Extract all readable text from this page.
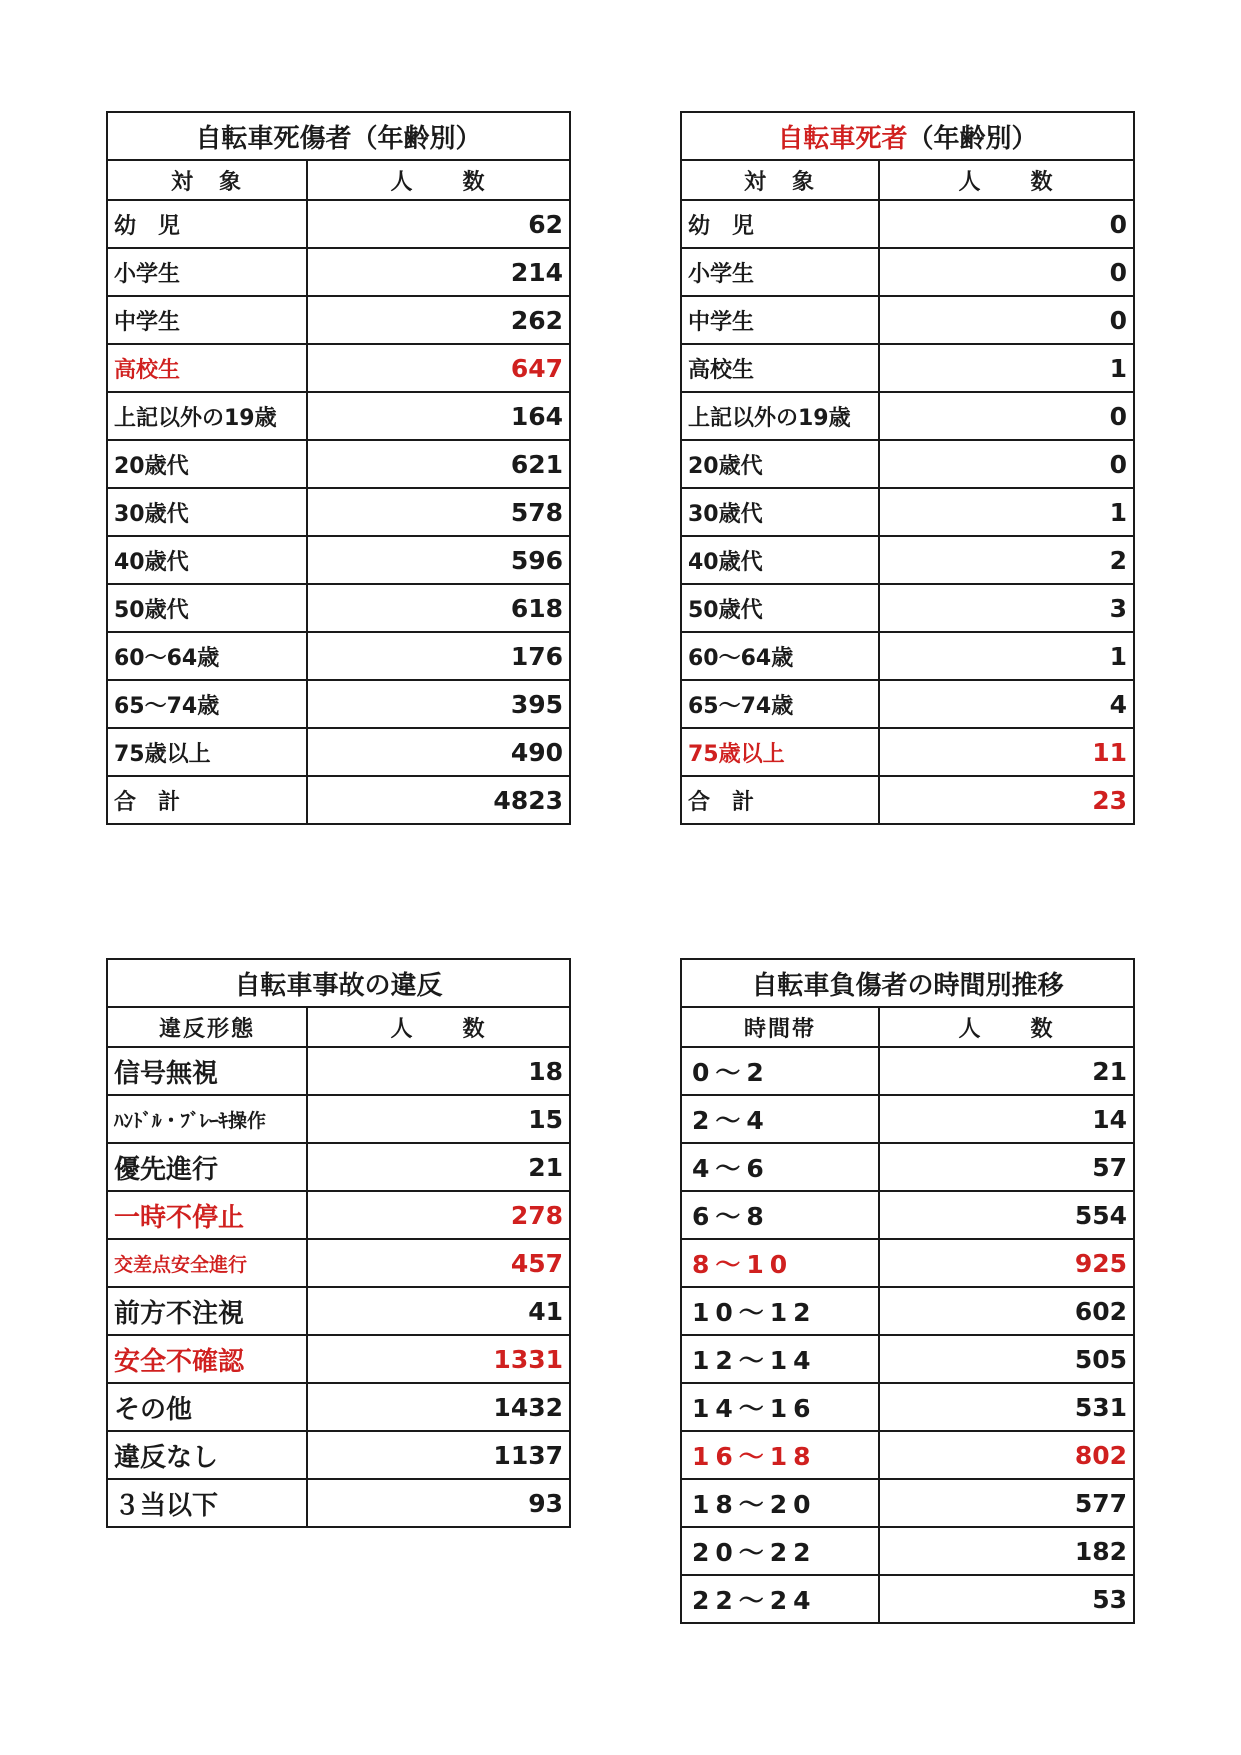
自転車死傷者（年齢別）	
対　象	人　　数
幼　児	62
小学生	214
中学生	262
高校生	647
上記以外の19歳	164
20歳代	621
30歳代	578
40歳代	596
50歳代	618
60～64歳	176
65～74歳	395
75歳以上	490
合　計	4823
自転車死者（年齢別）	
対　象	人　　数
幼　児	0
小学生	0
中学生	0
高校生	1
上記以外の19歳	0
20歳代	0
30歳代	1
40歳代	2
50歳代	3
60～64歳	1
65～74歳	4
75歳以上	11
合　計	23
自転車事故の違反	
違反形態	人　　数
信号無視	18
ﾊﾝﾄﾞﾙ・ﾌﾞﾚｰｷ操作	15
優先進行	21
一時不停止	278
交差点安全進行	457
前方不注視	41
安全不確認	1331
その他	1432
違反なし	1137
３当以下	93
自転車負傷者の時間別推移	
時間帯	人　　数
0～2	21
2～4	14
4～6	57
6～8	554
8～10	925
10～12	602
12～14	505
14～16	531
16～18	802
18～20	577
20～22	182
22～24	53
